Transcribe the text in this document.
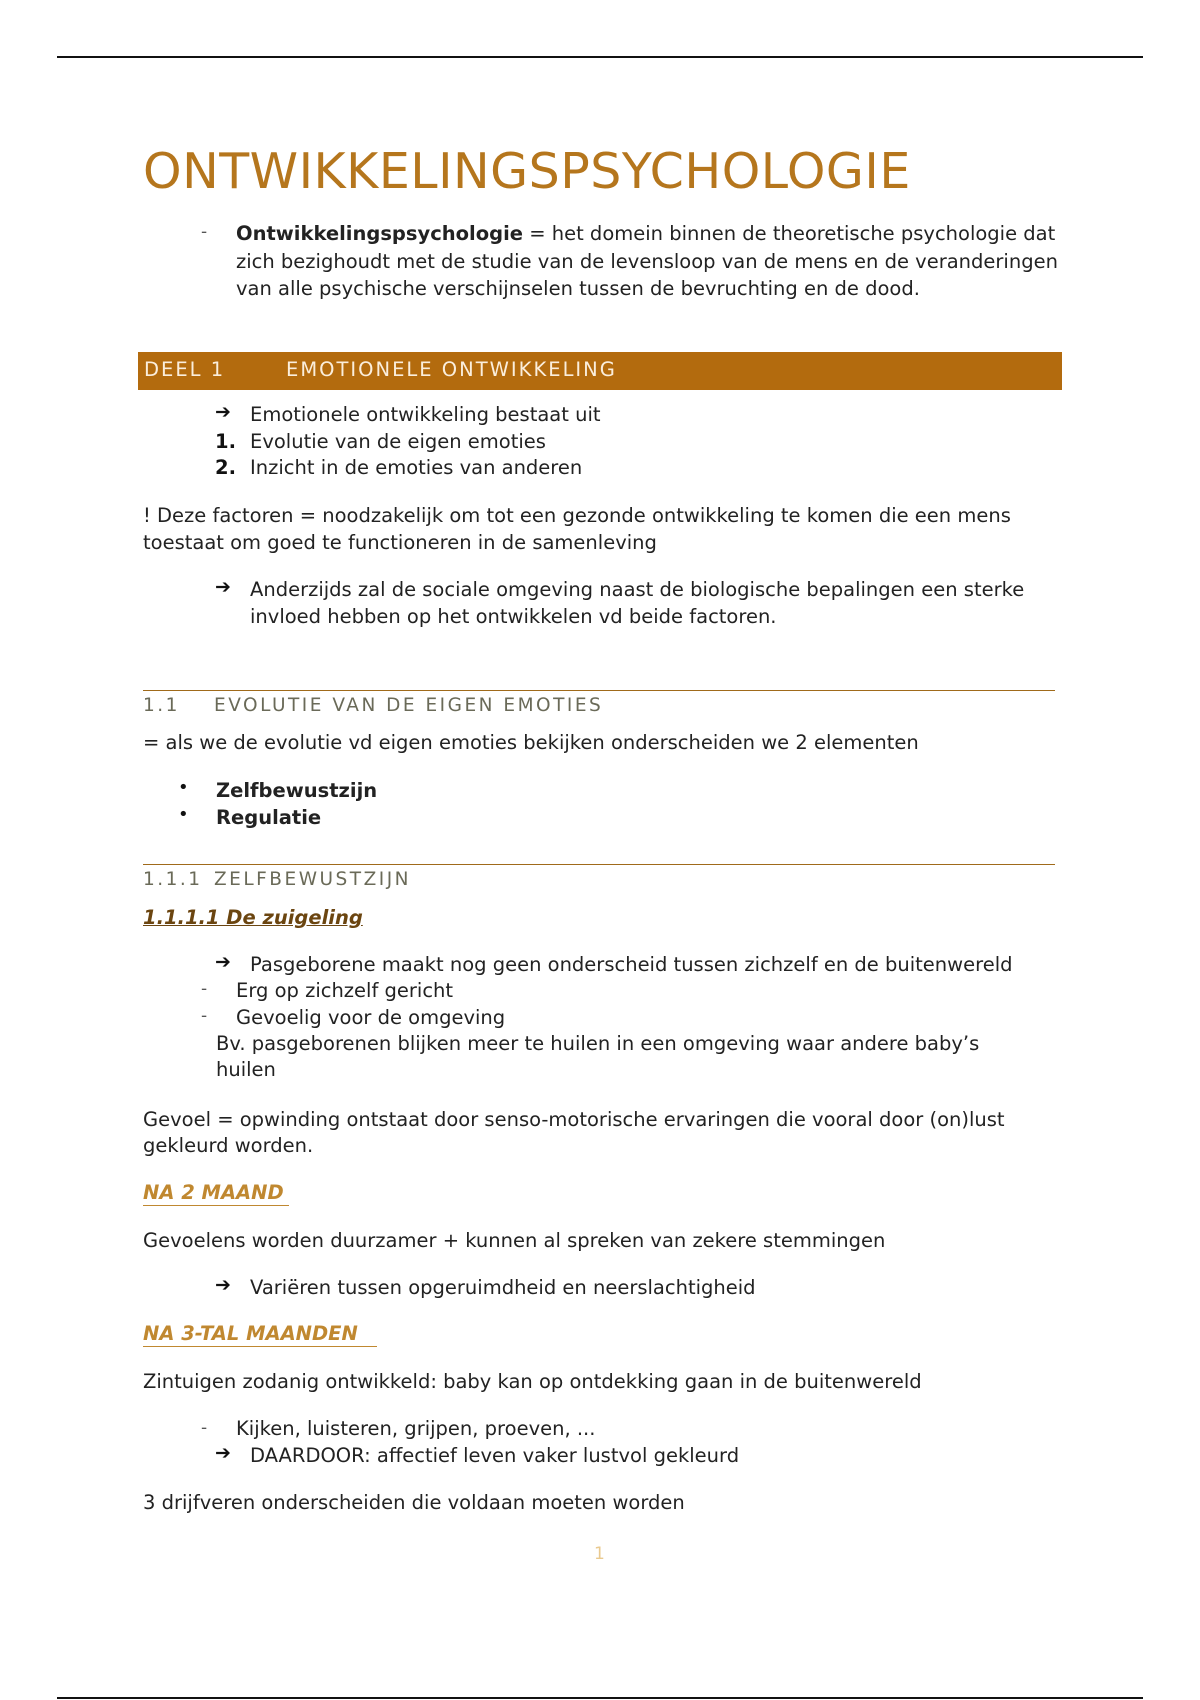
ONTWIKKELINGSPSYCHOLOGIE
- Ontwikkelingspsychologie = het domein binnen de theoretische psychologie dat zich bezighoudt met de studie van de levensloop van de mens en de veranderingen van alle psychische verschijnselen tussen de bevruchting en de dood.
DEEL 1	EMOTIONELE ONTWIKKELING
➔ Emotionele ontwikkeling bestaat uit
1. Evolutie van de eigen emoties
2. Inzicht in de emoties van anderen
! Deze factoren = noodzakelijk om tot een gezonde ontwikkeling te komen die een mens
toestaat om goed te functioneren in de samenleving
➔ Anderzijds zal de sociale omgeving naast de biologische bepalingen een sterke
invloed hebben op het ontwikkelen vd beide factoren.
1.1 EVOLUTIE VAN DE EIGEN EMOTIES
= als we de evolutie vd eigen emoties bekijken onderscheiden we 2 elementen
• Zelfbewustzijn
• Regulatie
1.1.1 ZELFBEWUSTZIJN
1.1.1.1 De zuigeling
➔ Pasgeborene maakt nog geen onderscheid tussen zichzelf en de buitenwereld
- Erg op zichzelf gericht
- Gevoelig voor de omgeving
Bv. pasgeborenen blijken meer te huilen in een omgeving waar andere baby’s
huilen
Gevoel = opwinding ontstaat door senso-motorische ervaringen die vooral door (on)lust
gekleurd worden.
NA 2 MAAND
Gevoelens worden duurzamer + kunnen al spreken van zekere stemmingen
➔ Variëren tussen opgeruimdheid en neerslachtigheid
NA 3-TAL MAANDEN
Zintuigen zodanig ontwikkeld: baby kan op ontdekking gaan in de buitenwereld
- Kijken, luisteren, grijpen, proeven, ...
➔ DAARDOOR: affectief leven vaker lustvol gekleurd
3 drijfveren onderscheiden die voldaan moeten worden
1
